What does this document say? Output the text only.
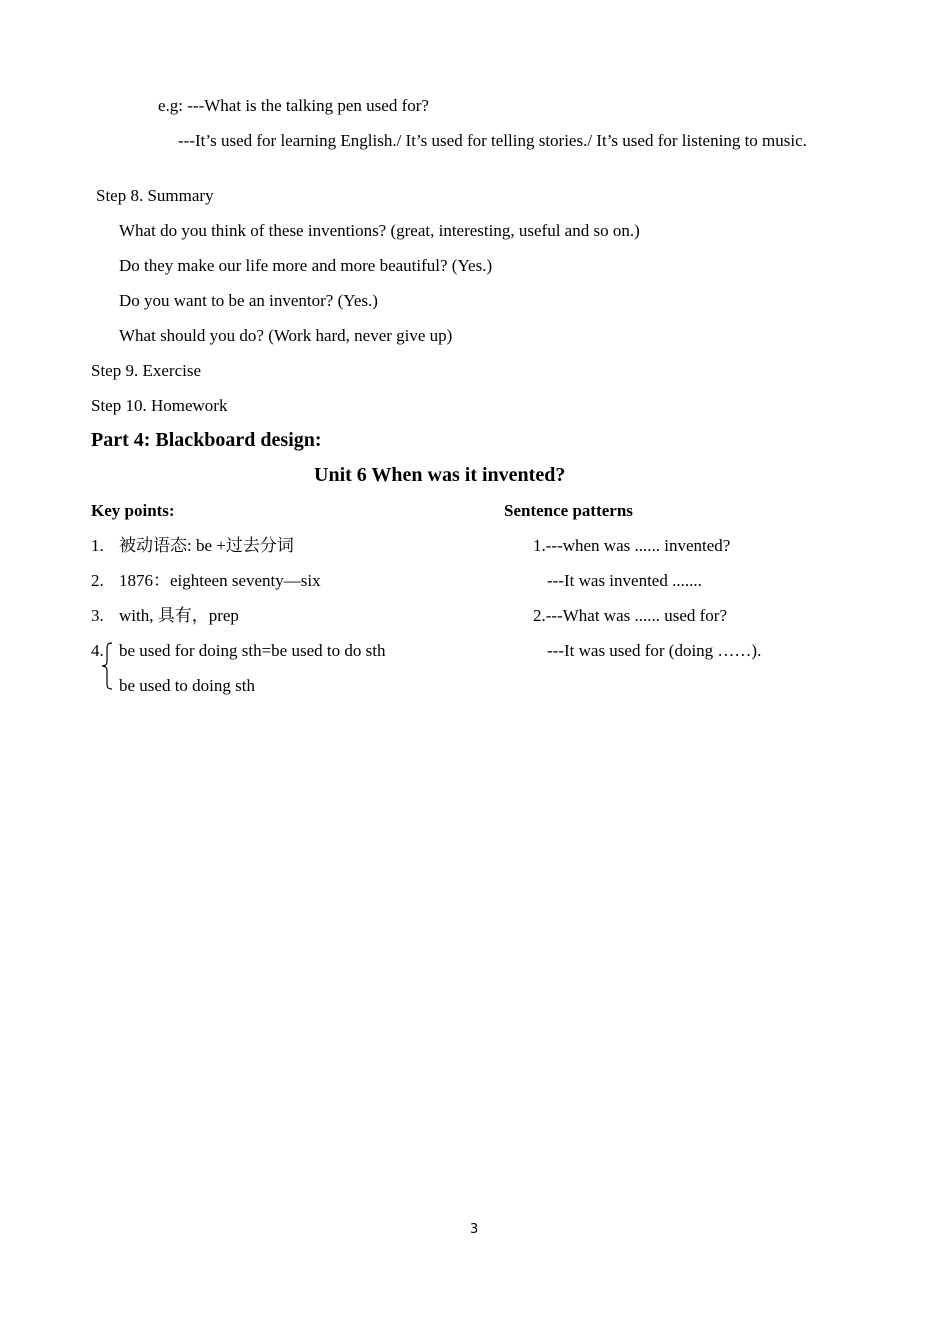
e.g: ---What is the talking pen used for?
---It’s used for learning English./ It’s used for telling stories./ It’s used for listening to music.
Step 8. Summary
What do you think of these inventions? (great, interesting, useful and so on.)
Do they make our life more and more beautiful? (Yes.)
Do you want to be an inventor? (Yes.)
What should you do? (Work hard, never give up)
Step 9. Exercise
Step 10. Homework
Part 4: Blackboard design:
Unit 6 When was it invented?
Key points:	Sentence patterns
1. 被动语态: be +过去分词
2. 1876：eighteen seventy—six
3. with, 具有，prep
4. be used for doing sth=be used to do sth
be used to doing sth
1.---when was ...... invented?
---It was invented .......
2.---What was ...... used for?
---It was used for (doing ……).
3
